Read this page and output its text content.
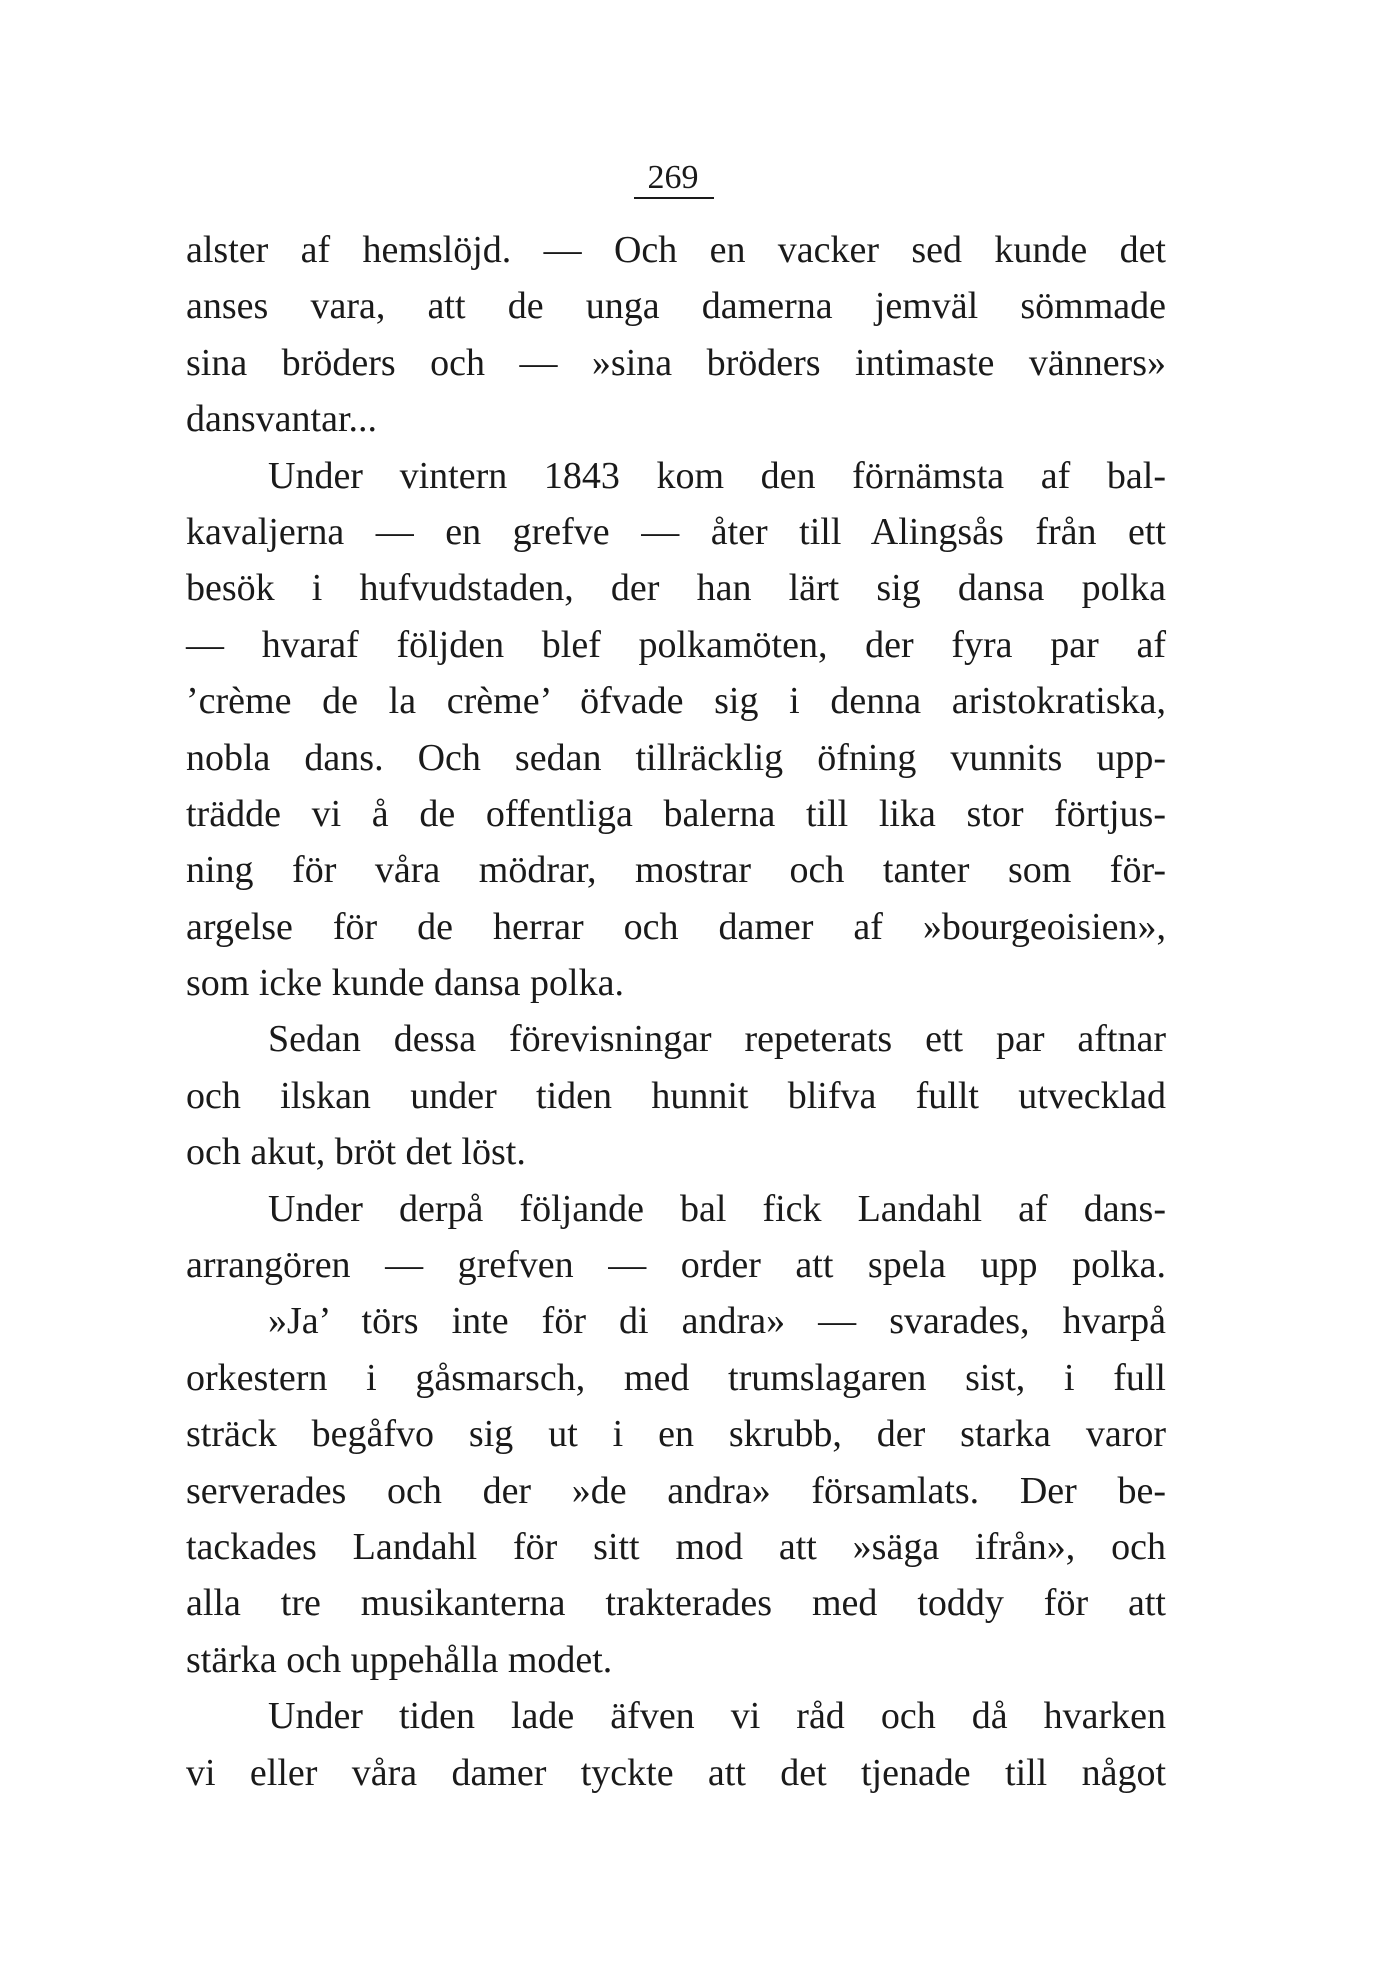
269
alster af hemslöjd. — Och en vacker sed kunde det
anses vara, att de unga damerna jemväl sömmade
sina bröders och — »sina bröders intimaste vänners»
dansvantar...
Under vintern 1843 kom den förnämsta af bal-
kavaljerna — en grefve — åter till Alingsås från ett
besök i hufvudstaden, der han lärt sig dansa polka
— hvaraf följden blef polkamöten, der fyra par af
’crème de la crème’ öfvade sig i denna aristokratiska,
nobla dans. Och sedan tillräcklig öfning vunnits upp-
trädde vi å de offentliga balerna till lika stor förtjus-
ning för våra mödrar, mostrar och tanter som för-
argelse för de herrar och damer af »bourgeoisien»,
som icke kunde dansa polka.
Sedan dessa förevisningar repeterats ett par aftnar
och ilskan under tiden hunnit blifva fullt utvecklad
och akut, bröt det löst.
Under derpå följande bal fick Landahl af dans-
arrangören — grefven — order att spela upp polka.
»Ja’ törs inte för di andra» — svarades, hvarpå
orkestern i gåsmarsch, med trumslagaren sist, i full
sträck begåfvo sig ut i en skrubb, der starka varor
serverades och der »de andra» församlats. Der be-
tackades Landahl för sitt mod att »säga ifrån», och
alla tre musikanterna trakterades med toddy för att
stärka och uppehålla modet.
Under tiden lade äfven vi råd och då hvarken
vi eller våra damer tyckte att det tjenade till något
